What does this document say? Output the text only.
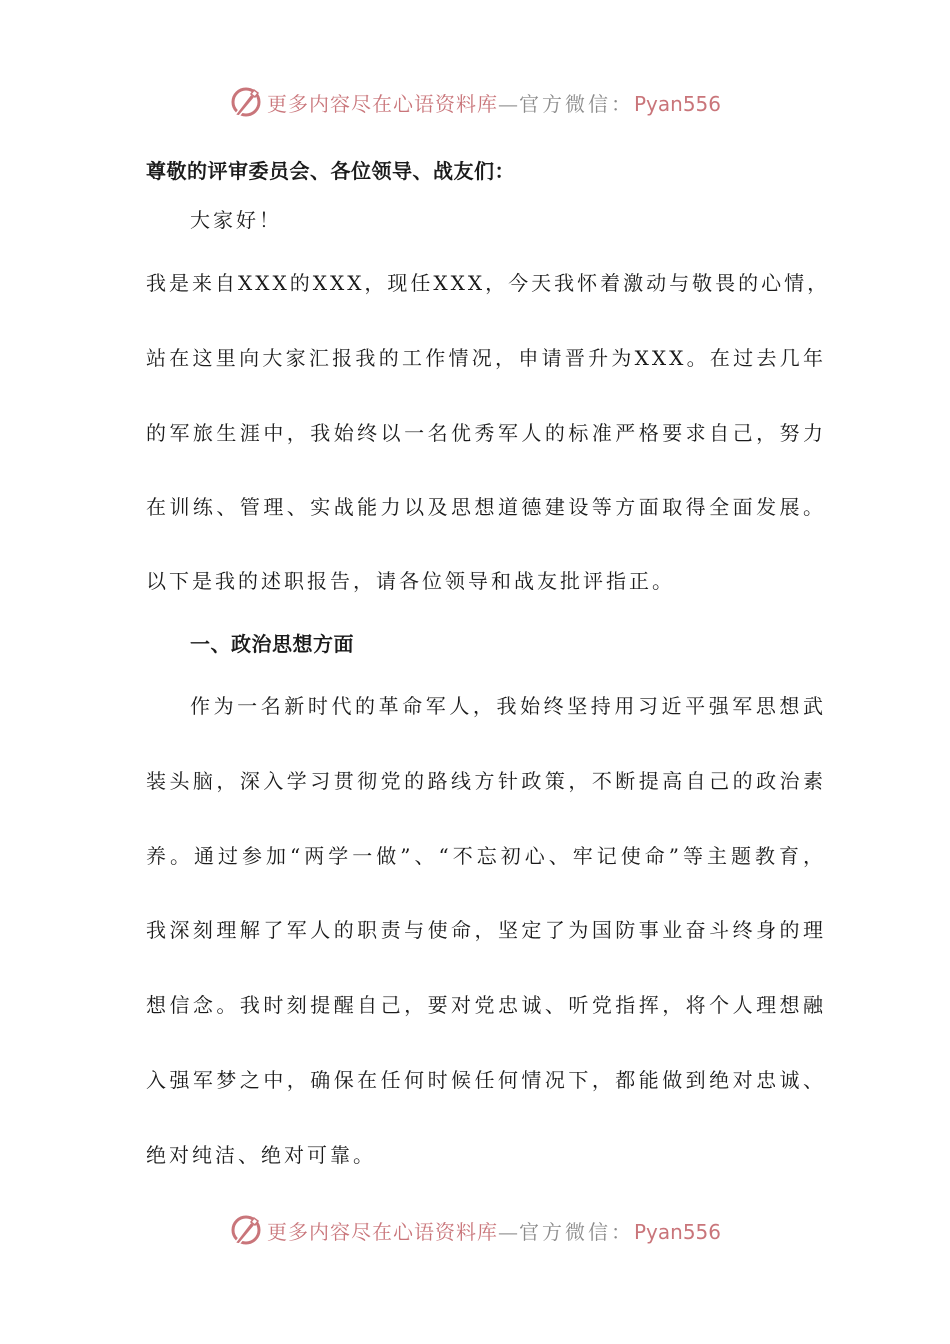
更多内容尽在心语资料库—官方微信：Pyan556
尊敬的评审委员会、各位领导、战友们：
大家好！
我是来自XXX的XXX，现任XXX，今天我怀着激动与敬畏的心情，
站在这里向大家汇报我的工作情况，申请晋升为XXX。在过去几年
的军旅生涯中，我始终以一名优秀军人的标准严格要求自己，努力
在训练、管理、实战能力以及思想道德建设等方面取得全面发展。
以下是我的述职报告，请各位领导和战友批评指正。
一、政治思想方面
作为一名新时代的革命军人，我始终坚持用习近平强军思想武
装头脑，深入学习贯彻党的路线方针政策，不断提高自己的政治素
养。通过参加“两学一做”、“不忘初心、牢记使命”等主题教育，
我深刻理解了军人的职责与使命，坚定了为国防事业奋斗终身的理
想信念。我时刻提醒自己，要对党忠诚、听党指挥，将个人理想融
入强军梦之中，确保在任何时候任何情况下，都能做到绝对忠诚、
绝对纯洁、绝对可靠。
更多内容尽在心语资料库—官方微信：Pyan556
